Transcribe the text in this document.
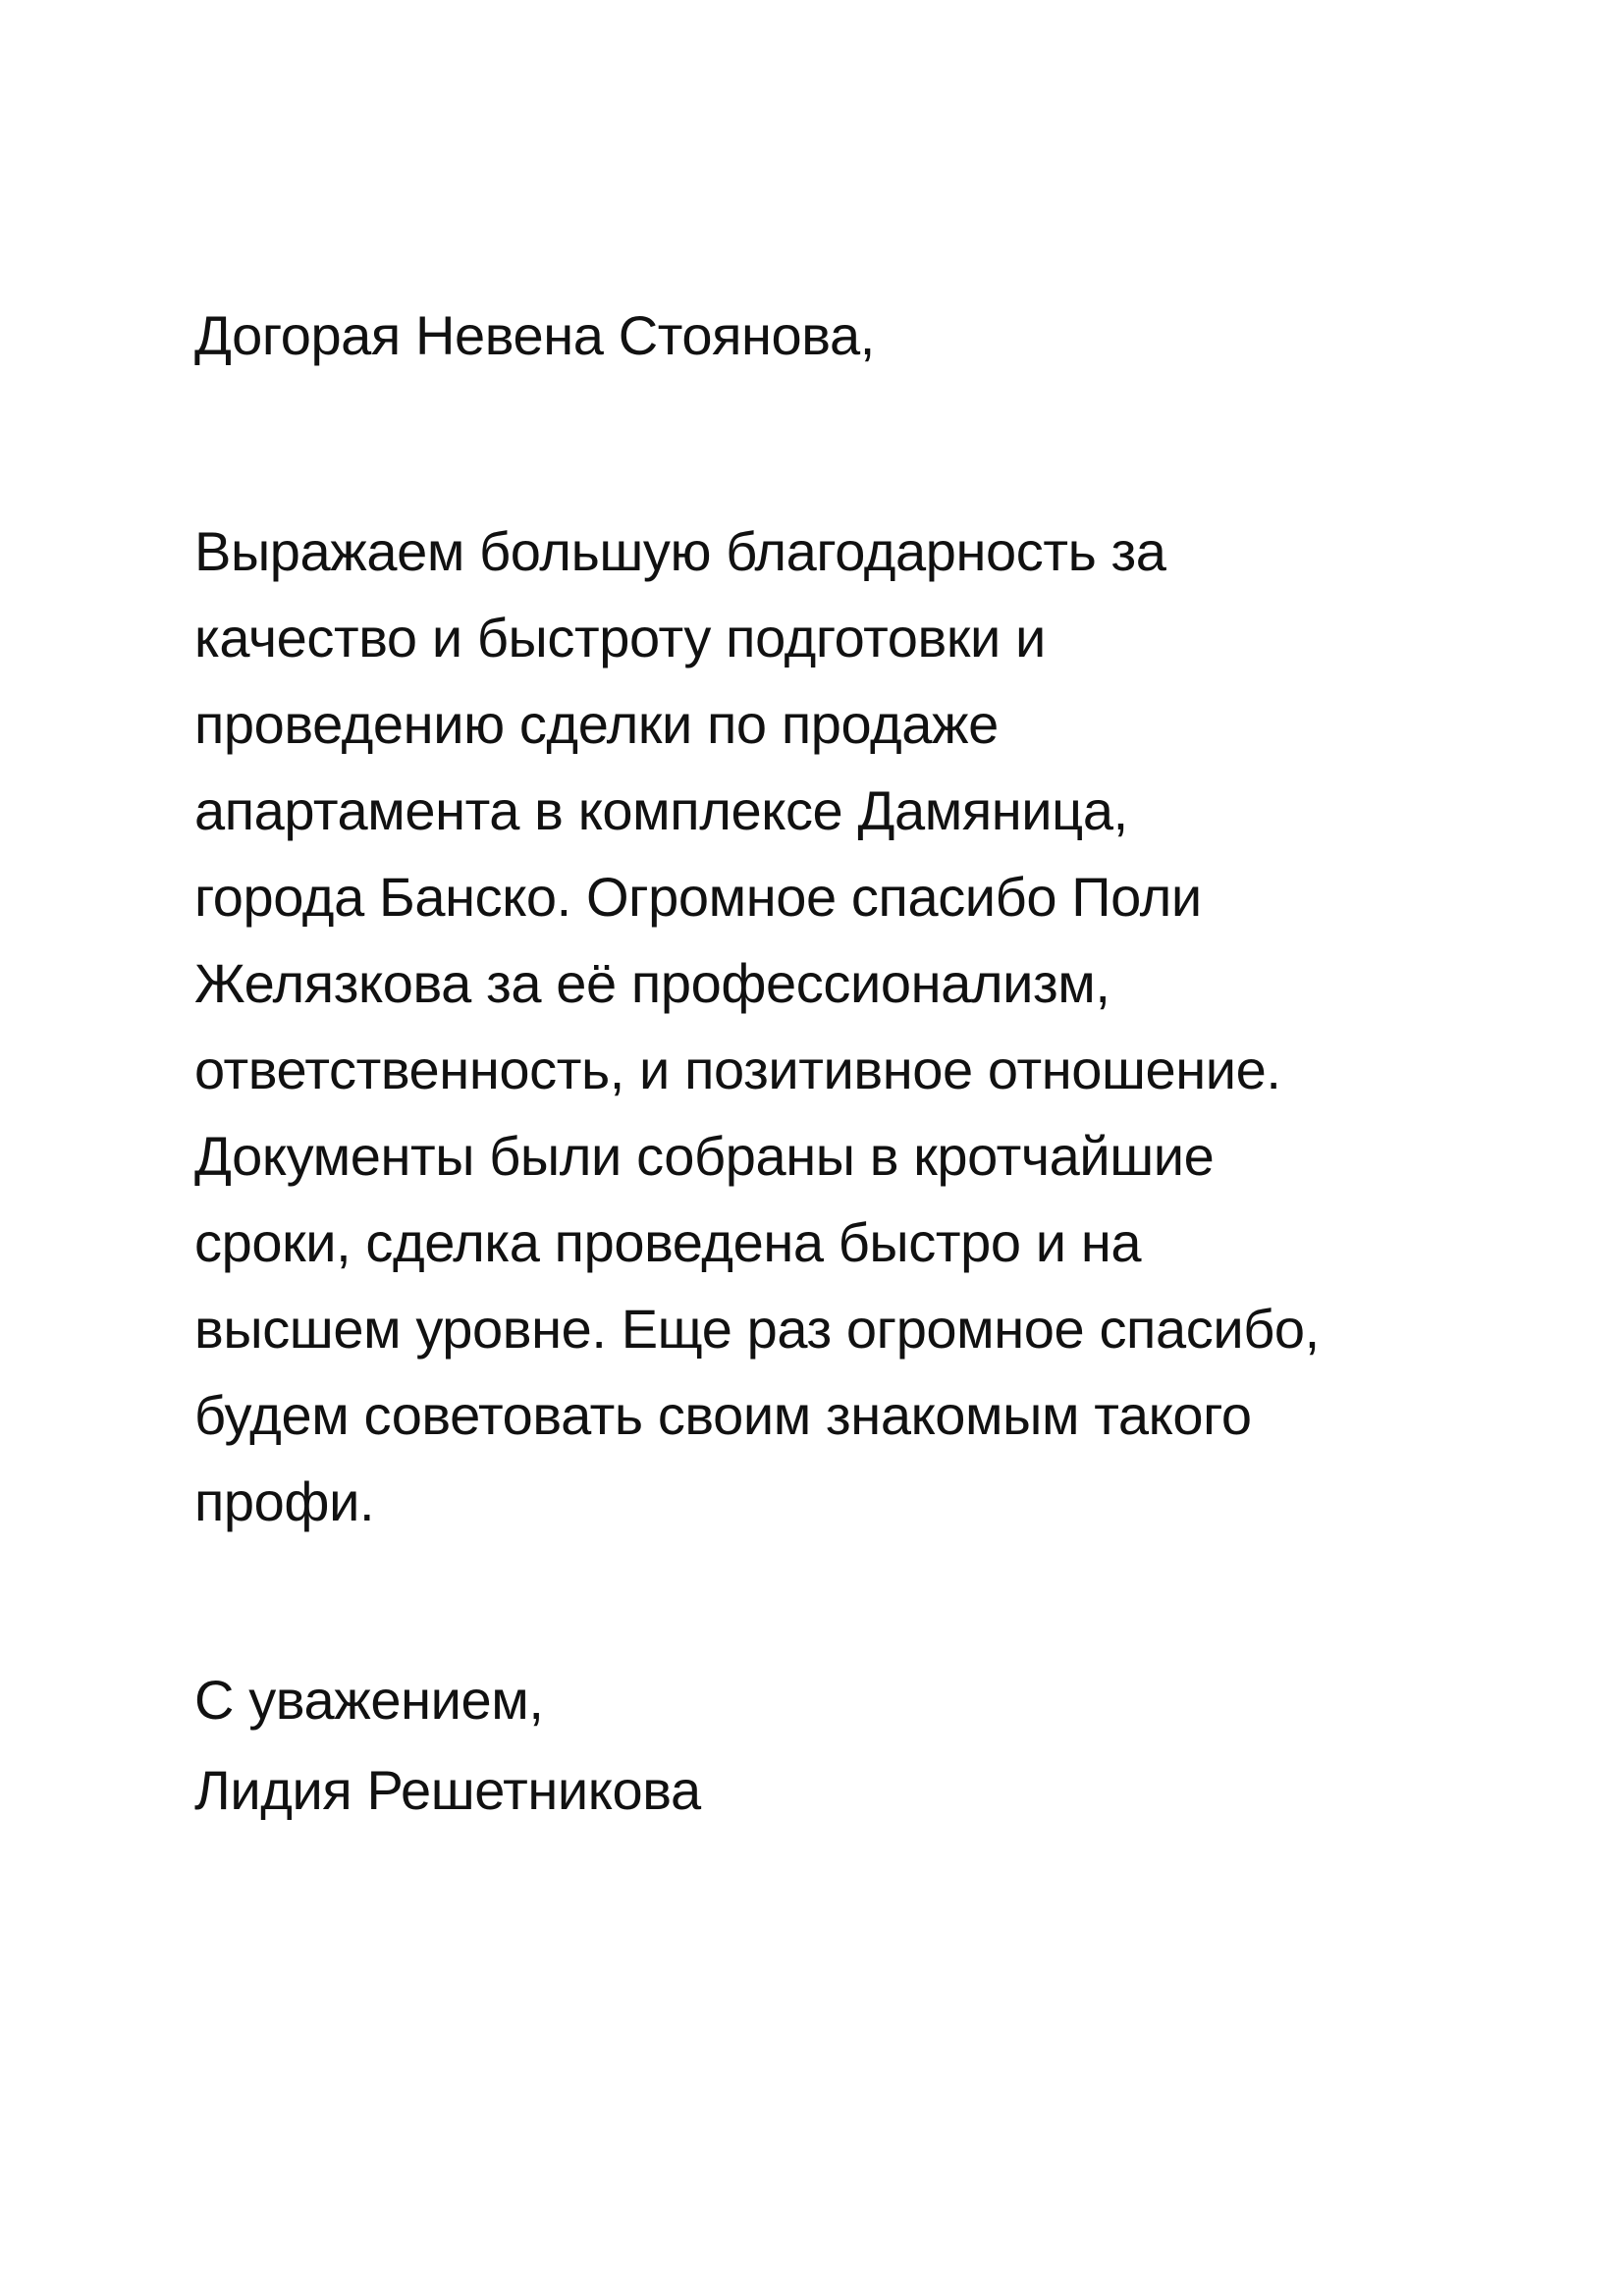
Догорая Невена Стоянова,
Выражаем большую благодарность за
качество и быстроту подготовки и
проведению сделки по продаже
апартамента в комплексе Дамяница,
города Банско. Огромное спасибо Поли
Желязкова за её профессионализм,
ответственность, и позитивное отношение.
Документы были собраны в кротчайшие
сроки, сделка проведена быстро и на
высшем уровне. Еще раз огромное спасибо,
будем советовать своим знакомым такого
профи.
С уважением,
Лидия Решетникова
